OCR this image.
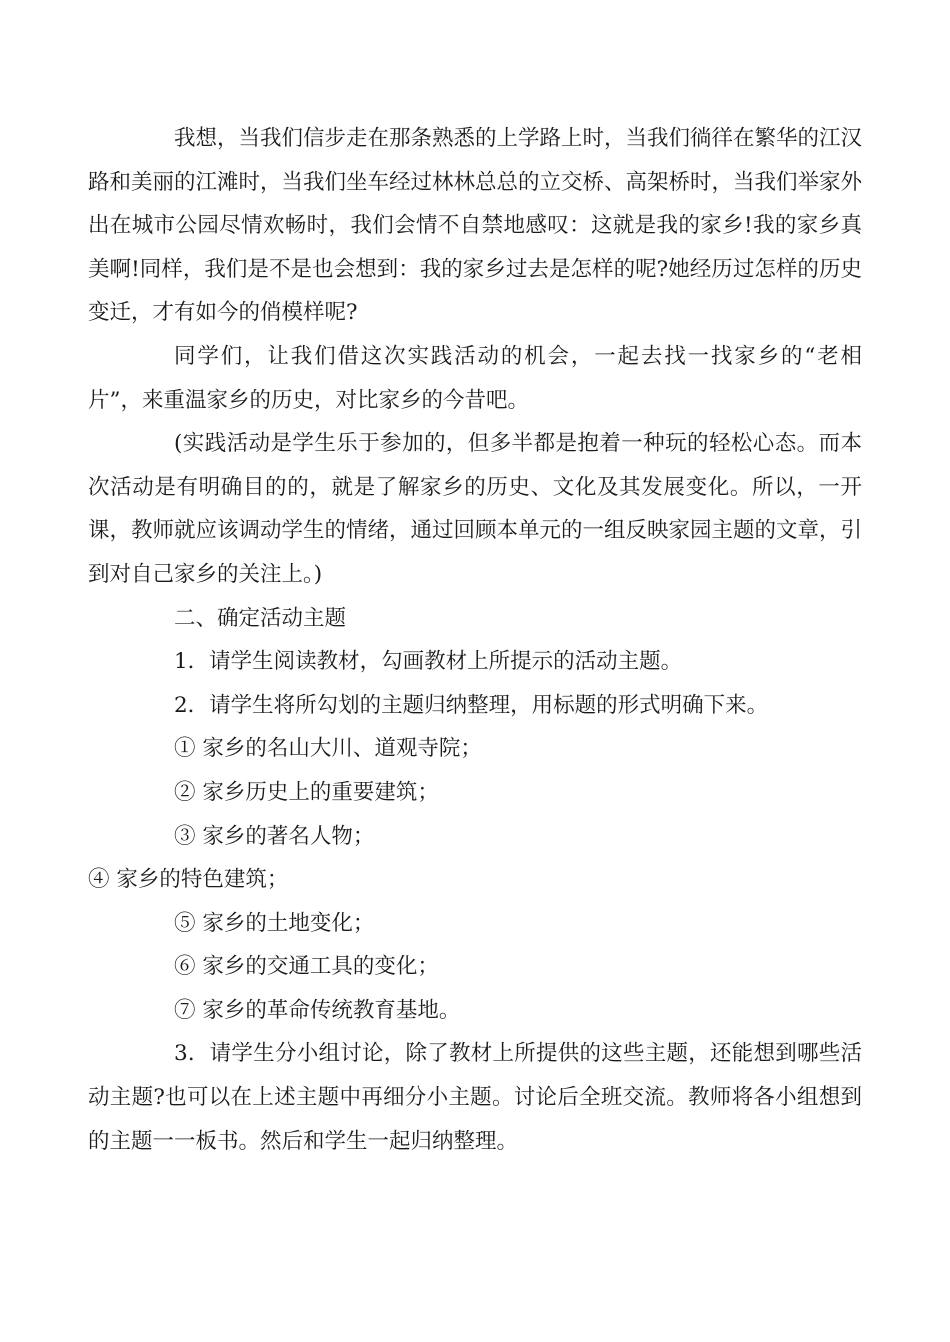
我想，当我们信步走在那条熟悉的上学路上时，当我们徜徉在繁华的江汉路和美丽的江滩时，当我们坐车经过林林总总的立交桥、高架桥时，当我们举家外出在城市公园尽情欢畅时，我们会情不自禁地感叹：这就是我的家乡!我的家乡真美啊!同样，我们是不是也会想到：我的家乡过去是怎样的呢?她经历过怎样的历史变迁，才有如今的俏模样呢?

同学们，让我们借这次实践活动的机会，一起去找一找家乡的“老相片”，来重温家乡的历史，对比家乡的今昔吧。

(实践活动是学生乐于参加的，但多半都是抱着一种玩的轻松心态。而本次活动是有明确目的的，就是了解家乡的历史、文化及其发展变化。所以，一开课，教师就应该调动学生的情绪，通过回顾本单元的一组反映家园主题的文章，引到对自己家乡的关注上。)

二、确定活动主题

1．请学生阅读教材，勾画教材上所提示的活动主题。

2．请学生将所勾划的主题归纳整理，用标题的形式明确下来。

① 家乡的名山大川、道观寺院；

② 家乡历史上的重要建筑；

③ 家乡的著名人物；

④ 家乡的特色建筑；

⑤ 家乡的土地变化；

⑥ 家乡的交通工具的变化；

⑦ 家乡的革命传统教育基地。

3．请学生分小组讨论，除了教材上所提供的这些主题，还能想到哪些活动主题?也可以在上述主题中再细分小主题。讨论后全班交流。教师将各小组想到的主题一一板书。然后和学生一起归纳整理。
